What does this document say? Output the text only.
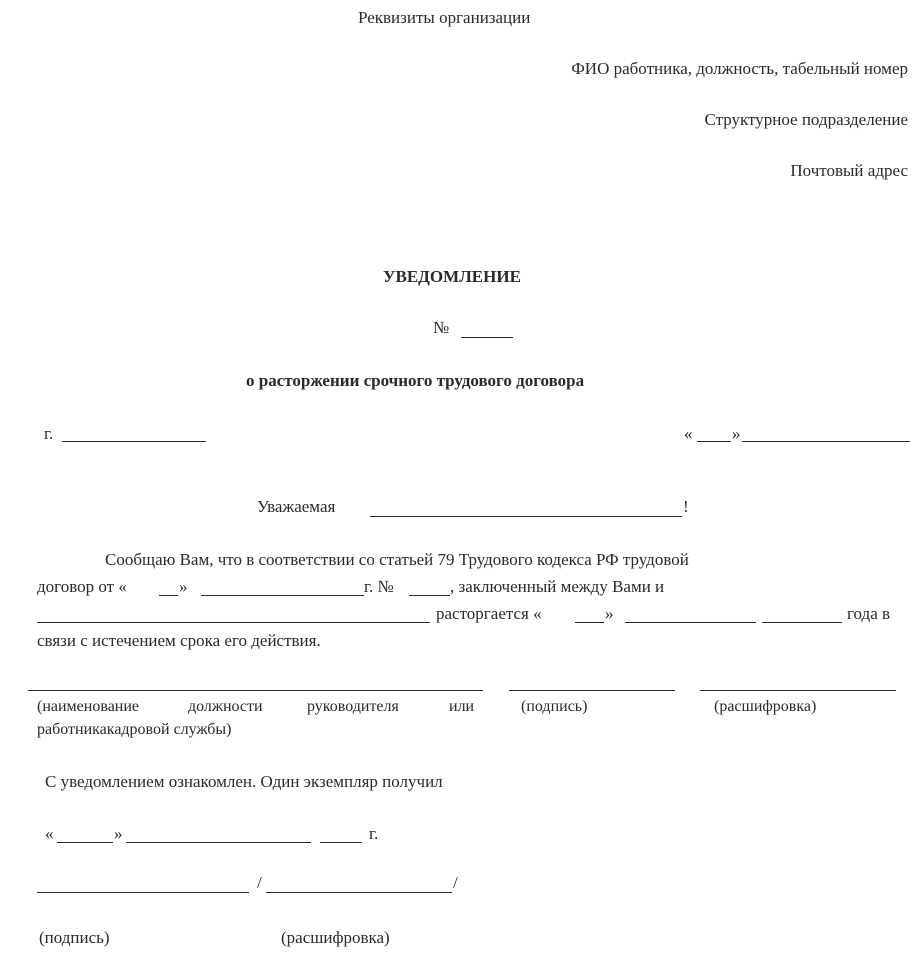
Реквизиты организации
ФИО работника, должность, табельный номер
Структурное подразделение
Почтовый адрес
УВЕДОМЛЕНИЕ
№
о расторжении срочного трудового договора
г.	« »
Уважаемая	!
Сообщаю Вам, что в соответствии со статьей 79 Трудового кодекса РФ трудовой
договор от «	»	г. №	, заключенный между Вами и
расторгается «	»	года в
связи с истечением срока его действия.
(наименование	должности	руководителя	или	(подпись)	(расшифровка)
работникакадровой службы)
С уведомлением ознакомлен. Один экземпляр получил
«	»	г.
/	/
(подпись)	(расшифровка)
